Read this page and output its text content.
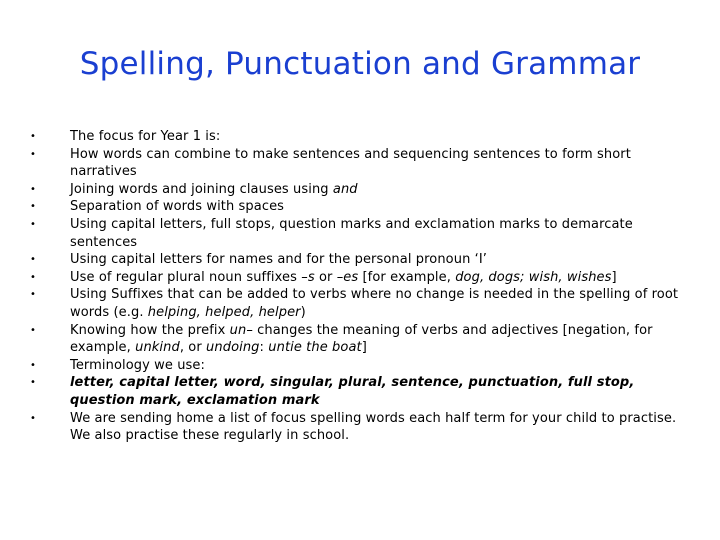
Spelling, Punctuation and Grammar
•	The focus for Year 1 is:
•	How words can combine to make sentences and sequencing sentences to form short narratives
•	Joining words and joining clauses using and
•	Separation of words with spaces
•	Using capital letters, full stops, question marks and exclamation marks to demarcate sentences
•	Using capital letters for names and for the personal pronoun ‘I’
•	Use of regular plural noun suffixes –s or –es [for example, dog, dogs; wish, wishes]
•	Using Suffixes that can be added to verbs where no change is needed in the spelling of root words (e.g. helping, helped, helper)
•	Knowing how the prefix un– changes the meaning of verbs and adjectives [negation, for example, unkind, or undoing: untie the boat]
•	Terminology we use:
•	letter, capital letter, word, singular, plural, sentence, punctuation, full stop, question mark, exclamation mark
•	We are sending home a list of focus spelling words each half term for your child to practise. We also practise these regularly in school.
